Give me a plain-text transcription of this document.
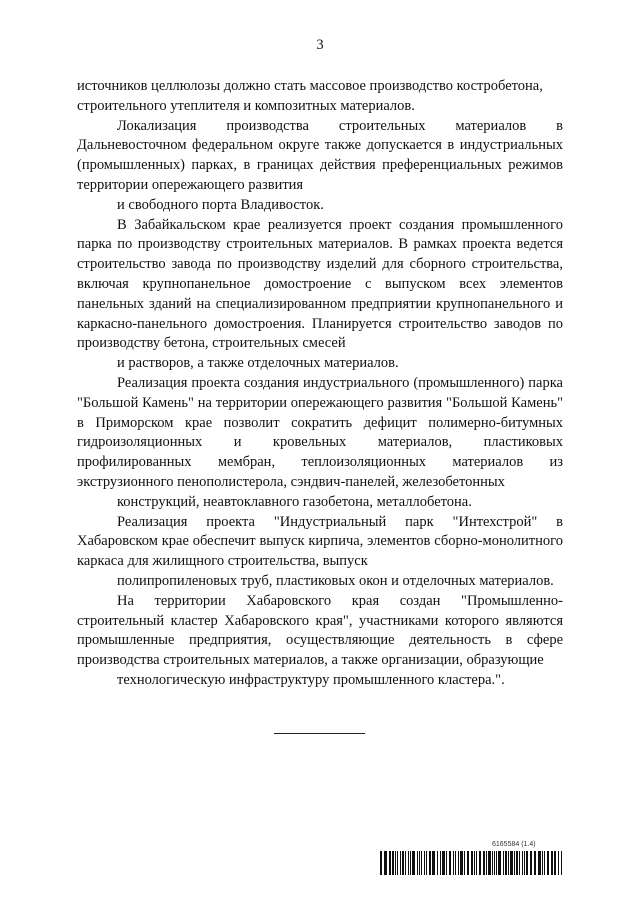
3

источников целлюлозы должно стать массовое производство костробетона,
строительного утеплителя и композитных материалов.

Локализация производства строительных материалов в Дальневосточном федеральном округе также допускается в индустриальных (промышленных) парках, в границах действия преференциальных режимов территории опережающего развития
и свободного порта Владивосток.

В Забайкальском крае реализуется проект создания промышленного парка по производству строительных материалов. В рамках проекта ведется строительство завода по производству изделий для сборного строительства, включая крупнопанельное домостроение с выпуском всех элементов панельных зданий на специализированном предприятии крупнопанельного и каркасно-панельного домостроения. Планируется строительство заводов по производству бетона, строительных смесей
и растворов, а также отделочных материалов.

Реализация проекта создания индустриального (промышленного) парка "Большой Камень" на территории опережающего развития "Большой Камень" в Приморском крае позволит сократить дефицит полимерно-битумных гидроизоляционных и кровельных материалов, пластиковых профилированных мембран, теплоизоляционных материалов из экструзионного пенополистерола, сэндвич-панелей, железобетонных
конструкций, неавтоклавного газобетона, металлобетона.

Реализация проекта "Индустриальный парк "Интехстрой" в Хабаровском крае обеспечит выпуск кирпича, элементов сборно-монолитного каркаса для жилищного строительства, выпуск
полипропиленовых труб, пластиковых окон и отделочных материалов.

На территории Хабаровского края создан "Промышленно-строительный кластер Хабаровского края", участниками которого являются промышленные предприятия, осуществляющие деятельность в сфере производства строительных материалов, а также организации, образующие
технологическую инфраструктуру промышленного кластера.".

6165584 (1.4)
